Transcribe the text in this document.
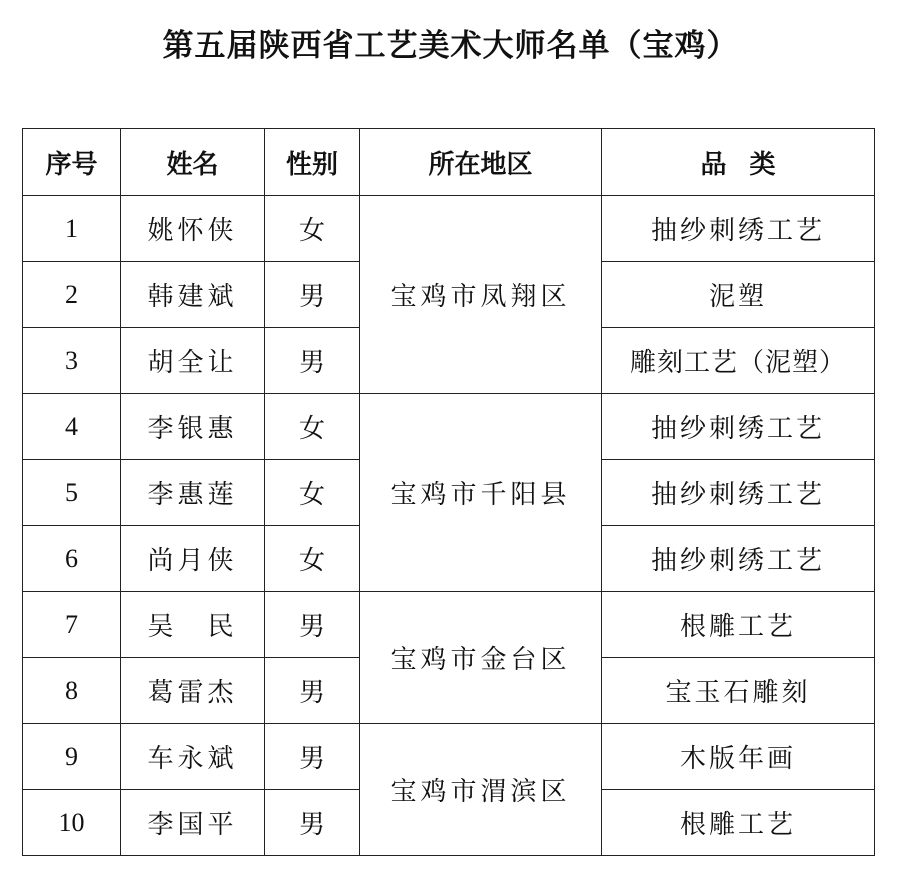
第五届陕西省工艺美术大师名单（宝鸡）
序号	姓名	性别	所在地区	品 类
1	姚怀侠	女	宝鸡市凤翔区	抽纱刺绣工艺
2	韩建斌	男		泥塑
3	胡全让	男		雕刻工艺（泥塑）
4	李银惠	女	宝鸡市千阳县	抽纱刺绣工艺
5	李惠莲	女		抽纱刺绣工艺
6	尚月侠	女		抽纱刺绣工艺
7	吴 民	男	宝鸡市金台区	根雕工艺
8	葛雷杰	男		宝玉石雕刻
9	车永斌	男	宝鸡市渭滨区	木版年画
10	李国平	男		根雕工艺
